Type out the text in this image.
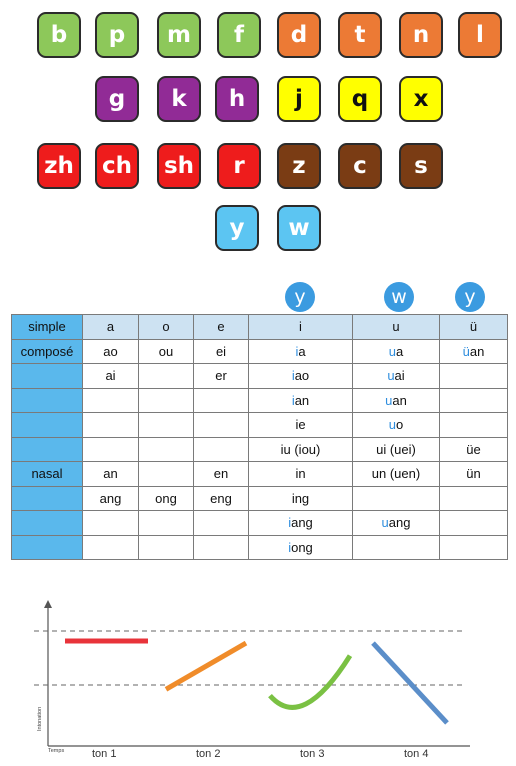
b	p	m	f	d	t	n	l
g	k	h	j	q	x
zh	ch	sh	r	z	c	s
y	w
y	w	y
simple	a	o	e	i	u	ü
composé	ao	ou	ei	ia	ua	üan
	ai		er	iao	uai	
				ian	uan	
				ie	uo	
				iu (iou)	ui (uei)	üe
nasal	an		en	in	un (uen)	ün
	ang	ong	eng	ing		
				iang	uang	
				iong		
Intonation
Temps	ton 1	ton 2	ton 3	ton 4
